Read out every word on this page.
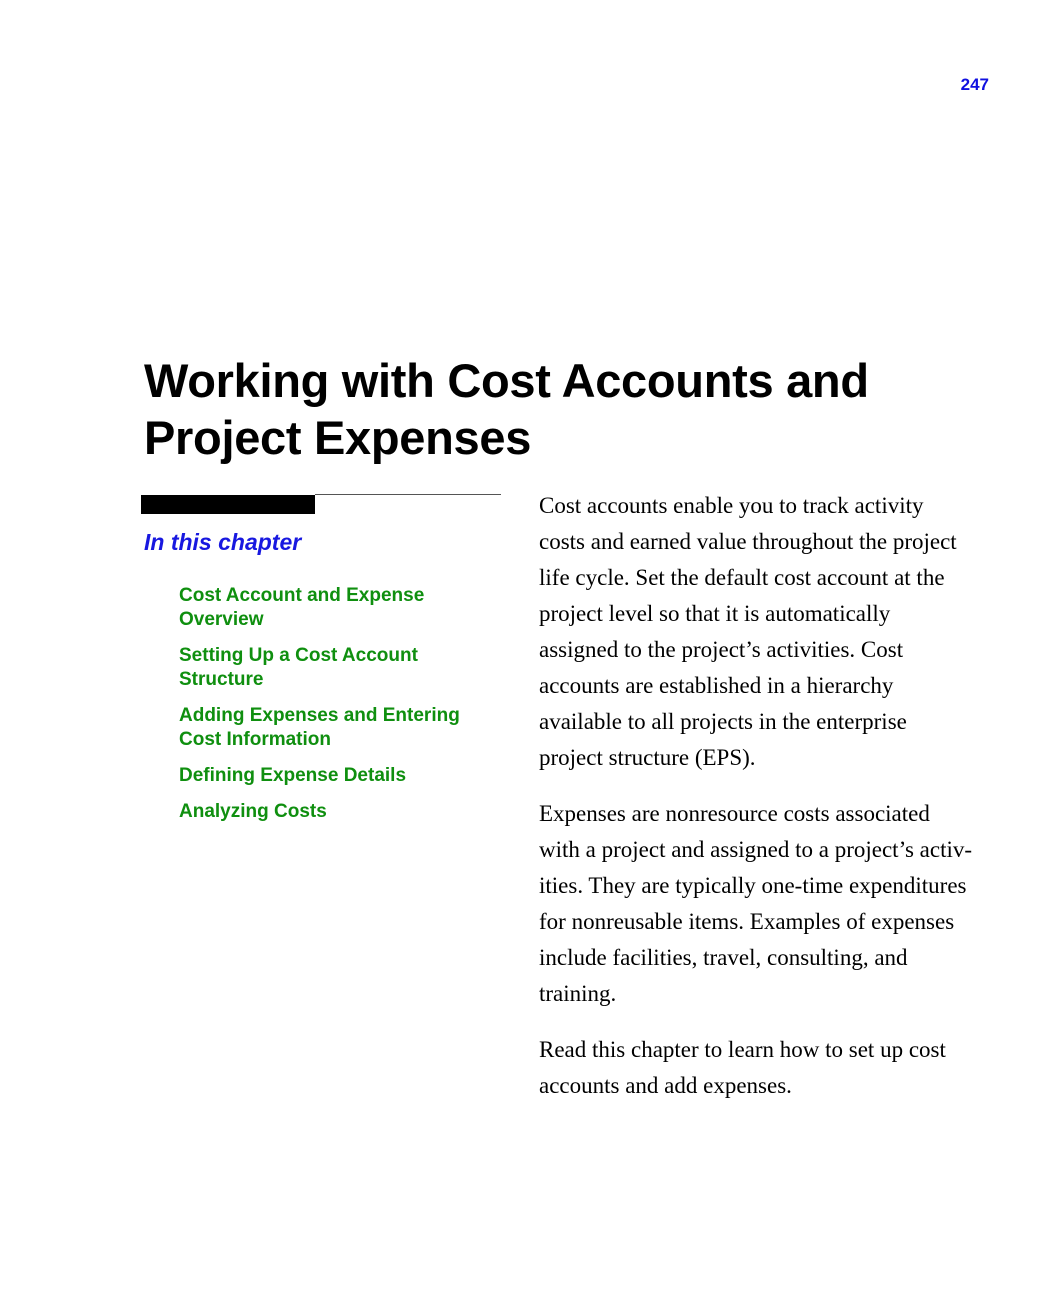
247

Working with Cost Accounts and
Project Expenses
In this chapter
Cost Account and Expense
Overview
Setting Up a Cost Account
Structure
Adding Expenses and Entering
Cost Information
Defining Expense Details
Analyzing Costs

Cost accounts enable you to track activity
costs and earned value throughout the project
life cycle. Set the default cost account at the
project level so that it is automatically
assigned to the project’s activities. Cost
accounts are established in a hierarchy
available to all projects in the enterprise
project structure (EPS).

Expenses are nonresource costs associated
with a project and assigned to a project’s activ-
ities. They are typically one-time expenditures
for nonreusable items. Examples of expenses
include facilities, travel, consulting, and
training.

Read this chapter to learn how to set up cost
accounts and add expenses.
